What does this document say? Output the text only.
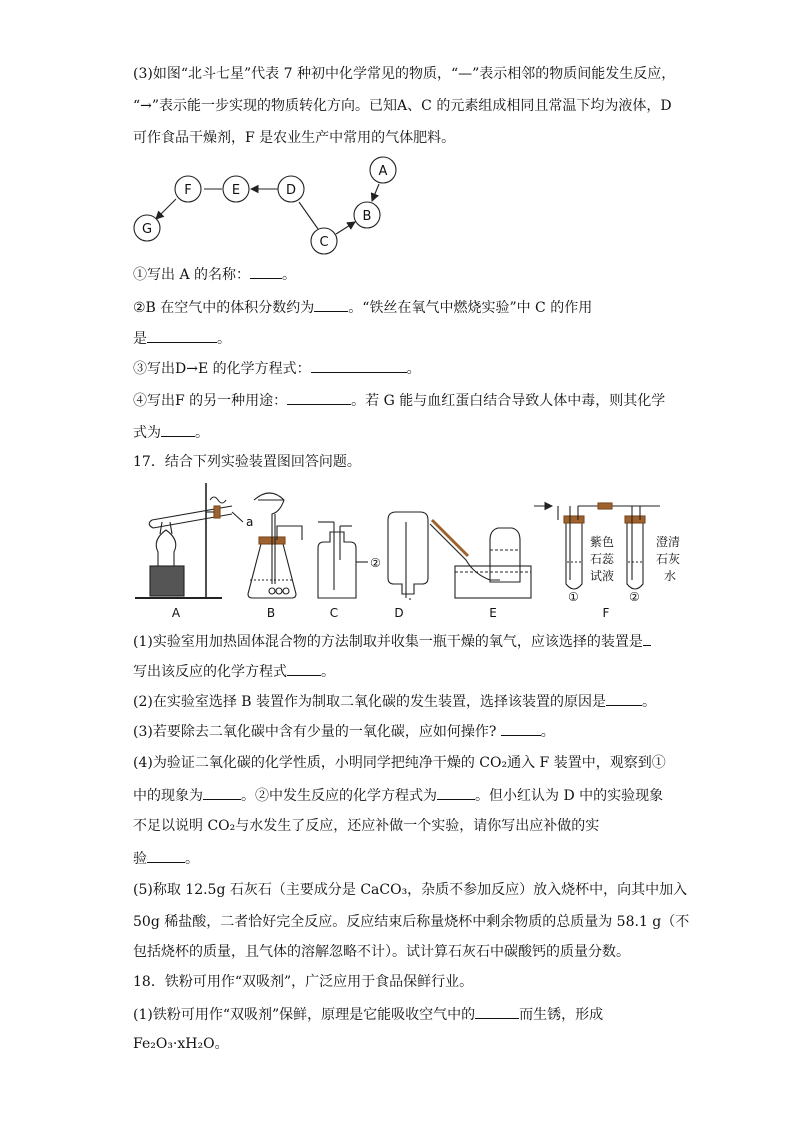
(3)如图“北斗七星”代表 7 种初中化学常见的物质，“—”表示相邻的物质间能发生反应，
“→”表示能一步实现的物质转化方向。已知A、C 的元素组成相同且常温下均为液体，D
可作食品干燥剂，F 是农业生产中常用的气体肥料。
A
B
C
D
E
F
G
A	B	C	D	E	F
a
②
①	②
紫色
石蕊
试液
澄清
石灰
水
①写出 A 的名称： 。
②B 在空气中的体积分数约为 。“铁丝在氧气中燃烧实验”中 C 的作用
是	。
③写出D→E 的化学方程式：	。
④写出F 的另一种用途：	。若 G 能与血红蛋白结合导致人体中毒，则其化学
式为 。
17．结合下列实验装置图回答问题。
(1)实验室用加热固体混合物的方法制取并收集一瓶干燥的氧气，应该选择的装置是
写出该反应的化学方程式 。
(2)在实验室选择 B 装置作为制取二氧化碳的发生装置，选择该装置的原因是	。
(3)若要除去二氧化碳中含有少量的一氧化碳，应如何操作?	。
(4)为验证二氧化碳的化学性质，小明同学把纯净干燥的 CO₂通入 F 装置中，观察到①
中的现象为	。②中发生反应的化学方程式为	。但小红认为 D 中的实验现象
不足以说明 CO₂与水发生了反应，还应补做一个实验，请你写出应补做的实
验	。
(5)称取 12.5g 石灰石（主要成分是 CaCO₃，杂质不参加反应）放入烧杯中，向其中加入
50g 稀盐酸，二者恰好完全反应。反应结束后称量烧杯中剩余物质的总质量为 58.1 g（不
包括烧杯的质量，且气体的溶解忽略不计）。试计算石灰石中碳酸钙的质量分数。
18．铁粉可用作“双吸剂”，广泛应用于食品保鲜行业。
(1)铁粉可用作“双吸剂”保鲜，原理是它能吸收空气中的	而生锈，形成
Fe₂O₃·xH₂O。
